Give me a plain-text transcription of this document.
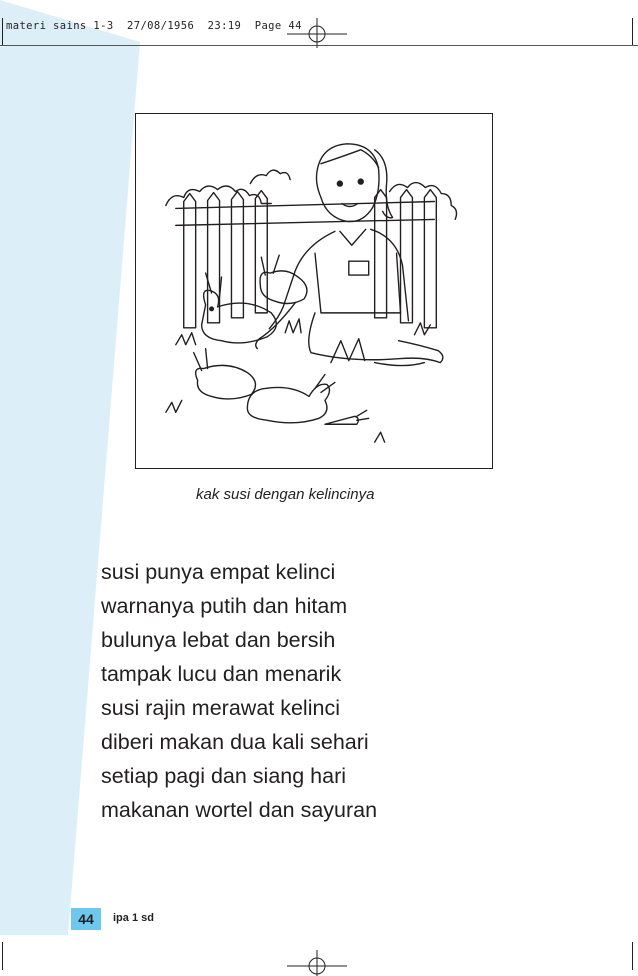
materi sains 1-3 27/08/1956 23:19 Page 44
kak susi dengan kelincinya
susi punya empat kelinci
warnanya putih dan hitam
bulunya lebat dan bersih
tampak lucu dan menarik
susi rajin merawat kelinci
diberi makan dua kali sehari
setiap pagi dan siang hari
makanan wortel dan sayuran
44	ipa 1 sd
